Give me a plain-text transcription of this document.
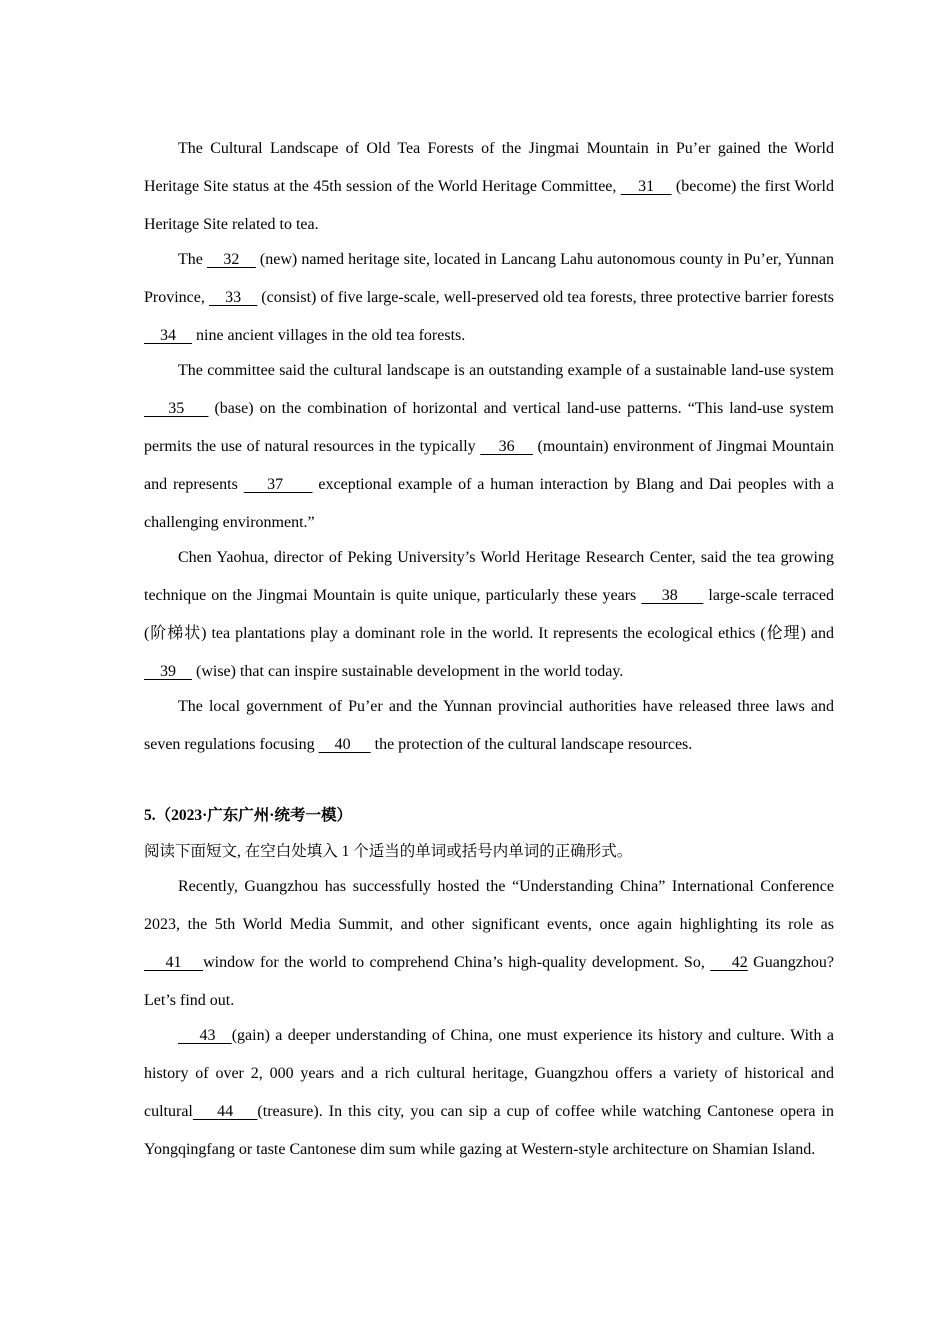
The Cultural Landscape of Old Tea Forests of the Jingmai Mountain in Pu’er gained the World Heritage Site status at the 45th session of the World Heritage Committee,     31     (become) the first World Heritage Site related to tea.

The     32     (new) named heritage site, located in Lancang Lahu autonomous county in Pu’er, Yunnan Province,     33     (consist) of five large-scale, well-preserved old tea forests, three protective barrier forests     34     nine ancient villages in the old tea forests.

The committee said the cultural landscape is an outstanding example of a sustainable land-use system     35     (base) on the combination of horizontal and vertical land-use patterns. “This land-use system permits the use of natural resources in the typically     36     (mountain) environment of Jingmai Mountain and represents     37      exceptional example of a human interaction by Blang and Dai peoples with a challenging environment.”

Chen Yaohua, director of Peking University’s World Heritage Research Center, said the tea growing technique on the Jingmai Mountain is quite unique, particularly these years     38      large-scale terraced (阶梯状) tea plantations play a dominant role in the world. It represents the ecological ethics (伦理) and     39     (wise) that can inspire sustainable development in the world today.

The local government of Pu’er and the Yunnan provincial authorities have released three laws and seven regulations focusing     40      the protection of the cultural landscape resources.

5.（2023·广东广州·统考一模）

阅读下面短文, 在空白处填入 1 个适当的单词或括号内单词的正确形式。

Recently, Guangzhou has successfully hosted the “Understanding China” International Conference 2023, the 5th World Media Summit, and other significant events, once again highlighting its role as    41    window for the world to comprehend China’s high-quality development. So,     42 Guangzhou? Let’s find out.

43   (gain) a deeper understanding of China, one must experience its history and culture. With a history of over 2, 000 years and a rich cultural heritage, Guangzhou offers a variety of historical and cultural    44    (treasure). In this city, you can sip a cup of coffee while watching Cantonese opera in Yongqingfang or taste Cantonese dim sum while gazing at Western-style architecture on Shamian Island.
